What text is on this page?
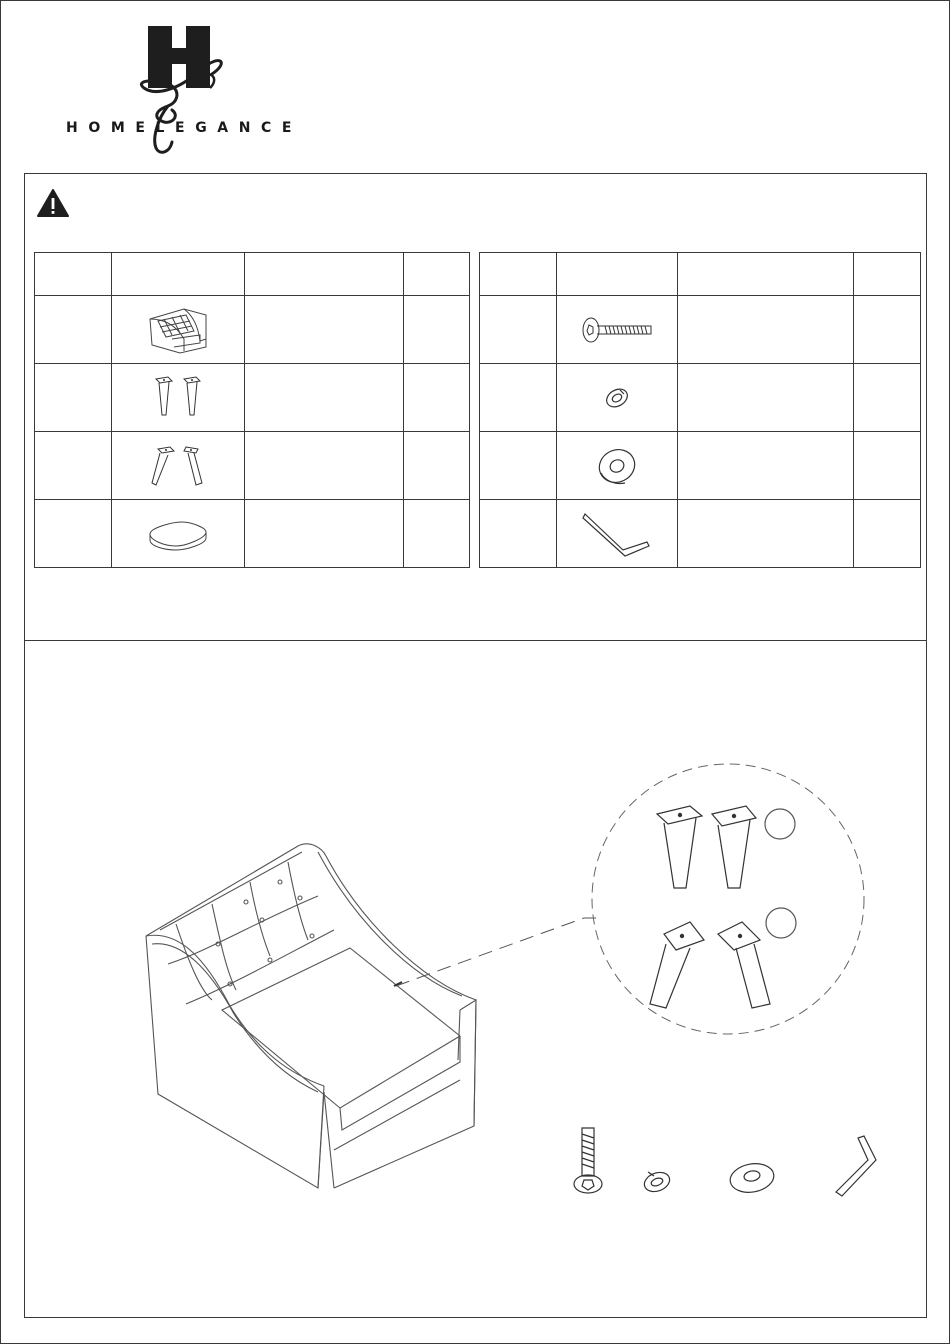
HOMELEGANCE
